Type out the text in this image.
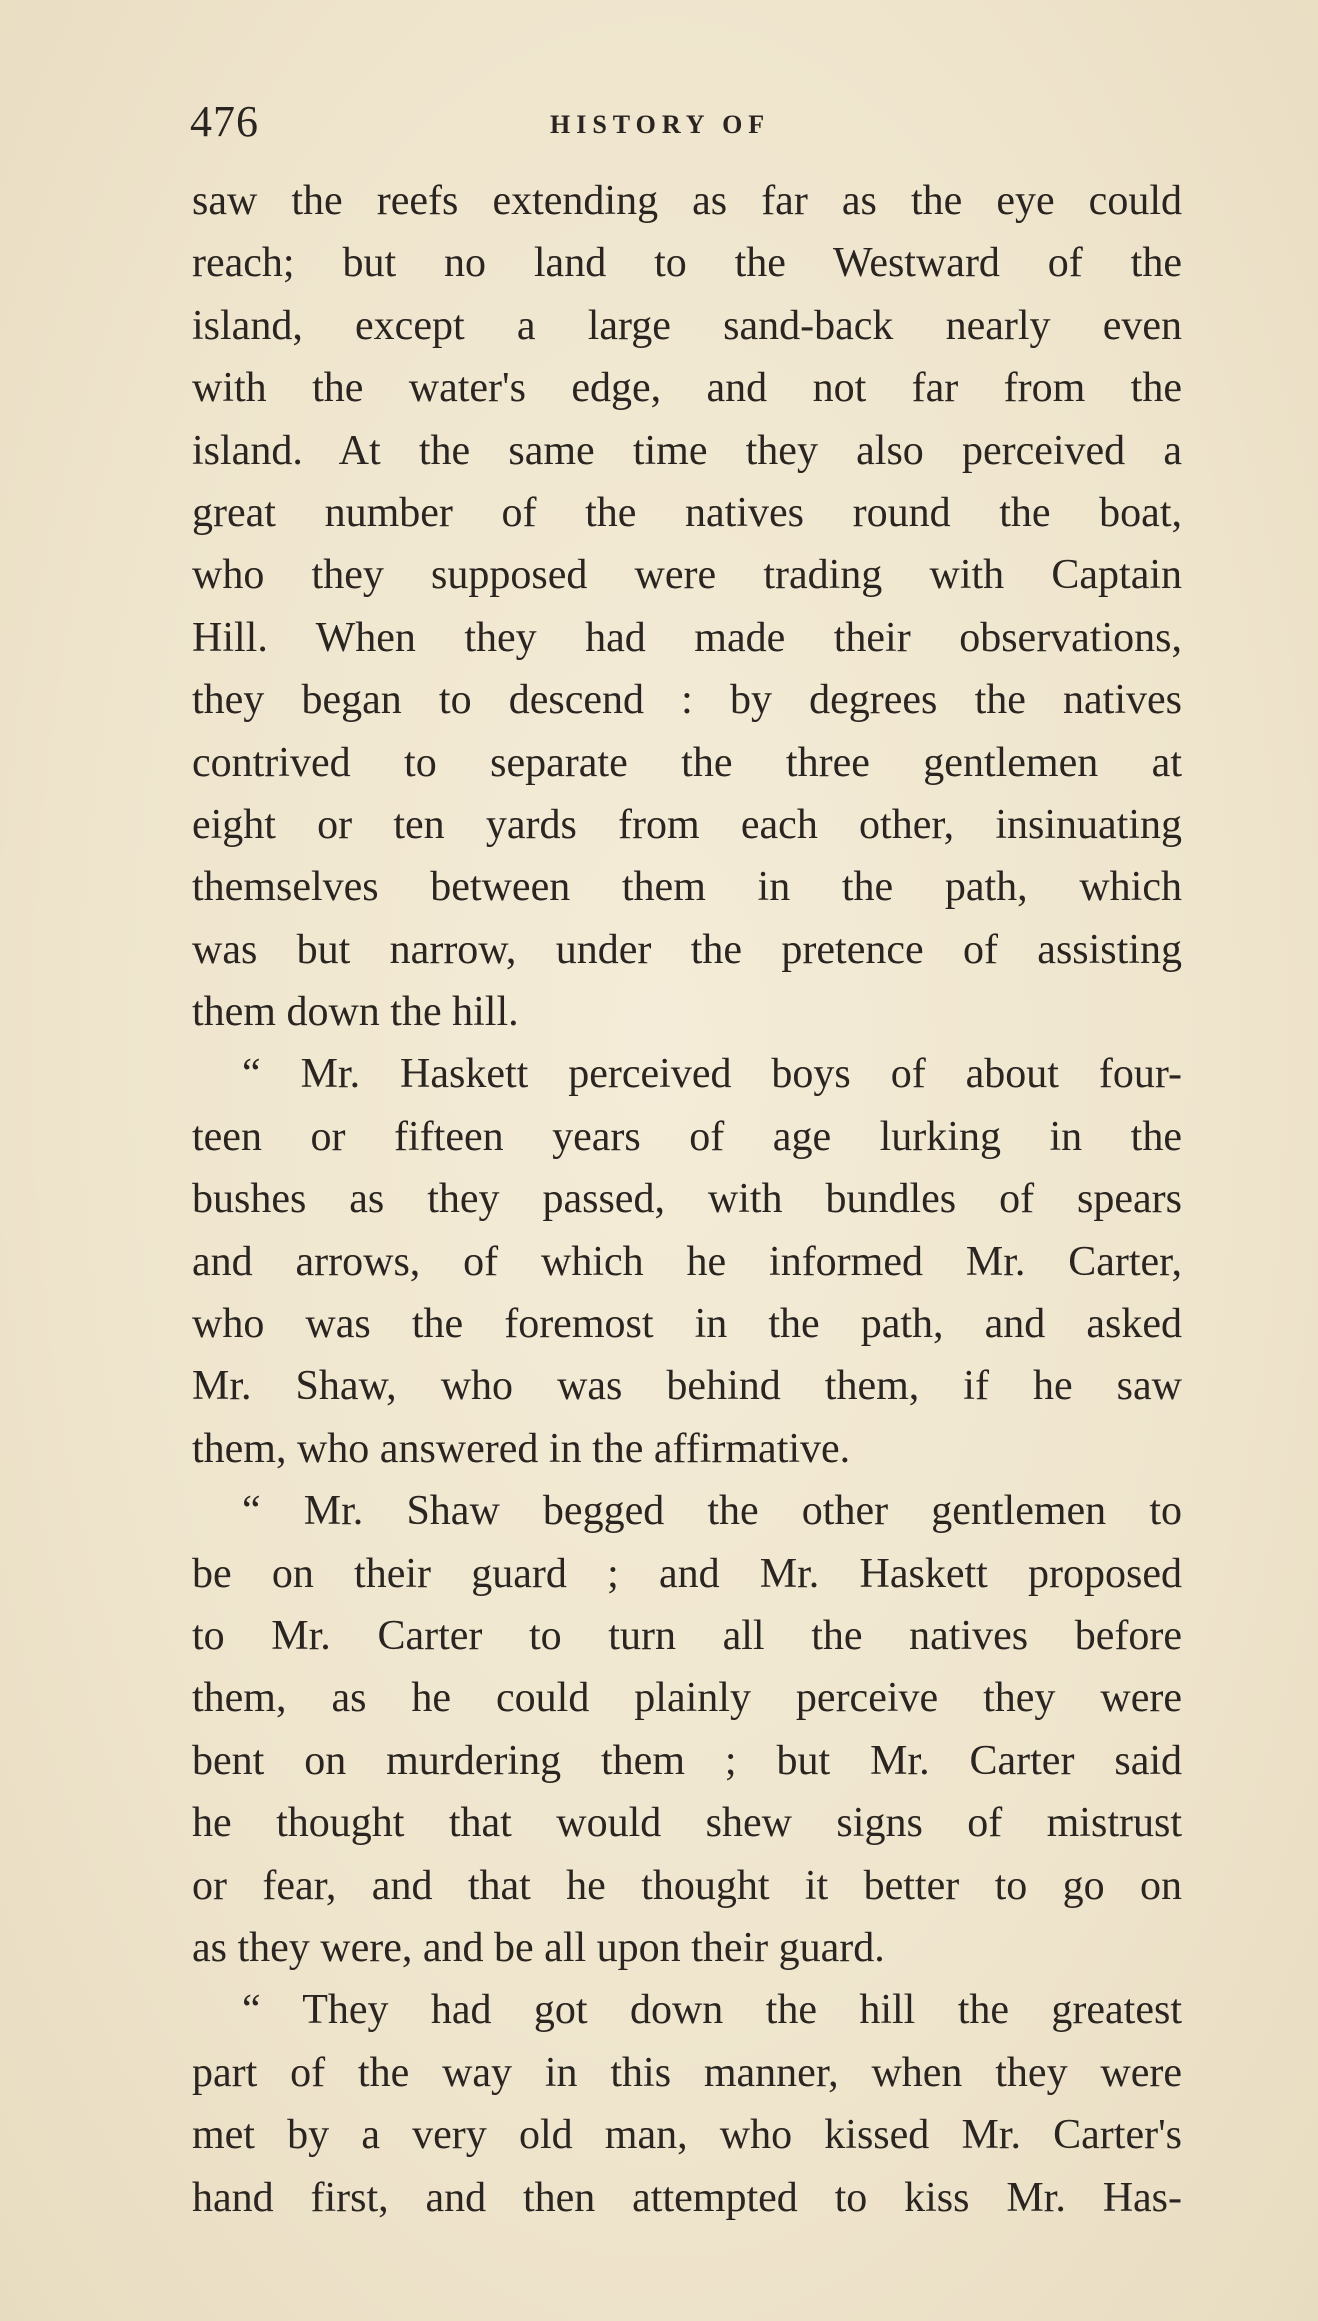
476	HISTORY OF
saw the reefs extending as far as the eye could
reach; but no land to the Westward of the
island, except a large sand-back nearly even
with the water's edge, and not far from the
island. At the same time they also perceived a
great number of the natives round the boat,
who they supposed were trading with Captain
Hill. When they had made their observations,
they began to descend : by degrees the natives
contrived to separate the three gentlemen at
eight or ten yards from each other, insinuating
themselves between them in the path, which
was but narrow, under the pretence of assisting
them down the hill.
“ Mr. Haskett perceived boys of about four-
teen or fifteen years of age lurking in the
bushes as they passed, with bundles of spears
and arrows, of which he informed Mr. Carter,
who was the foremost in the path, and asked
Mr. Shaw, who was behind them, if he saw
them, who answered in the affirmative.
“ Mr. Shaw begged the other gentlemen to
be on their guard ; and Mr. Haskett proposed
to Mr. Carter to turn all the natives before
them, as he could plainly perceive they were
bent on murdering them ; but Mr. Carter said
he thought that would shew signs of mistrust
or fear, and that he thought it better to go on
as they were, and be all upon their guard.
“ They had got down the hill the greatest
part of the way in this manner, when they were
met by a very old man, who kissed Mr. Carter's
hand first, and then attempted to kiss Mr. Has-
